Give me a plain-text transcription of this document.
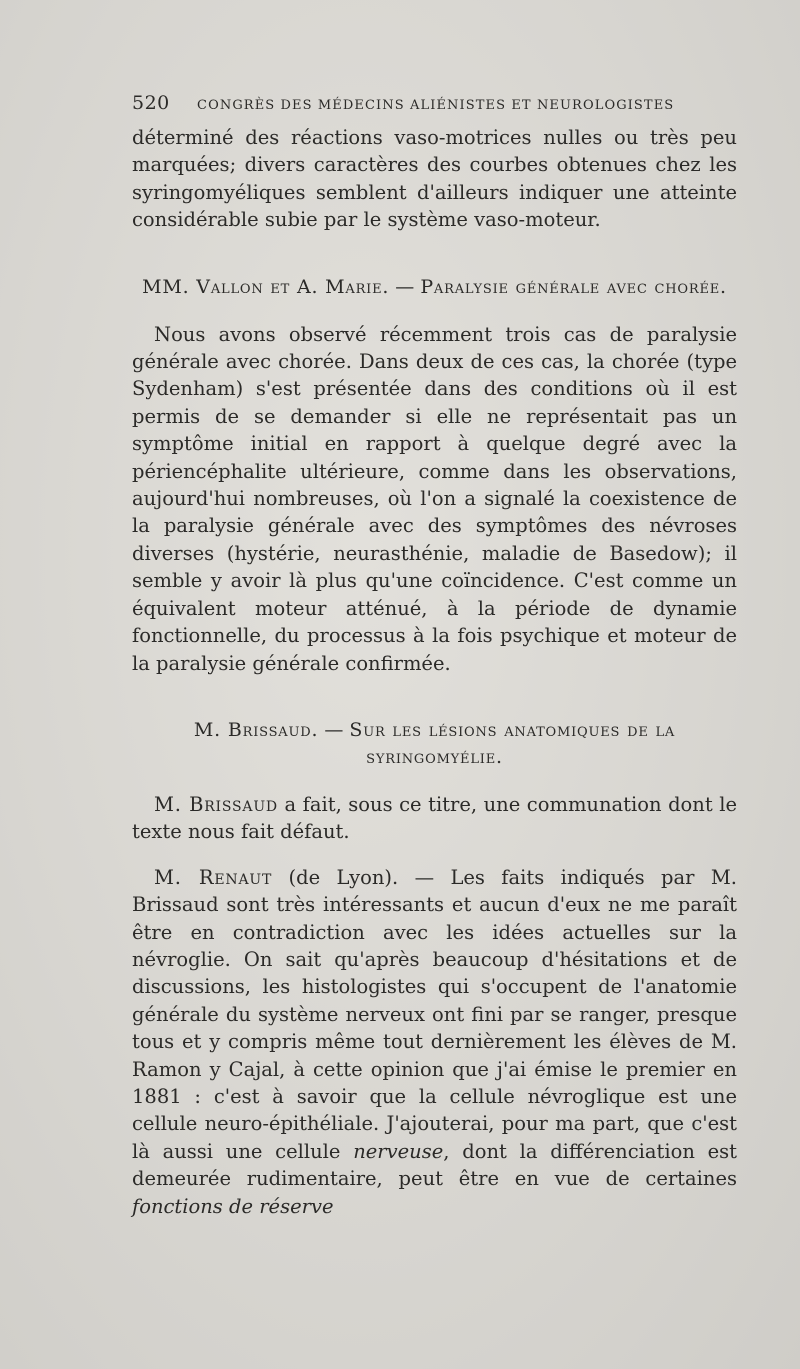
520 CONGRÈS DES MÉDECINS ALIÉNISTES ET NEUROLOGISTES

déterminé des réactions vaso-motrices nulles ou très peu marquées; divers caractères des courbes obtenues chez les syringomyéliques semblent d'ailleurs indiquer une atteinte considérable subie par le système vaso-moteur.

MM. Vallon et A. Marie. — Paralysie générale avec chorée.

Nous avons observé récemment trois cas de paralysie générale avec chorée. Dans deux de ces cas, la chorée (type Sydenham) s'est présentée dans des conditions où il est permis de se demander si elle ne représentait pas un symptôme initial en rapport à quelque degré avec la périencéphalite ultérieure, comme dans les observations, aujourd'hui nombreuses, où l'on a signalé la coexistence de la paralysie générale avec des symptômes des névroses diverses (hystérie, neurasthénie, maladie de Basedow); il semble y avoir là plus qu'une coïncidence. C'est comme un équivalent moteur atténué, à la période de dynamie fonctionnelle, du processus à la fois psychique et moteur de la paralysie générale confirmée.

M. Brissaud. — Sur les lésions anatomiques de la syringomyélie.

M. Brissaud a fait, sous ce titre, une communation dont le texte nous fait défaut.

M. Renaut (de Lyon). — Les faits indiqués par M. Brissaud sont très intéressants et aucun d'eux ne me paraît être en contradiction avec les idées actuelles sur la névroglie. On sait qu'après beaucoup d'hésitations et de discussions, les histologistes qui s'occupent de l'anatomie générale du système nerveux ont fini par se ranger, presque tous et y compris même tout dernièrement les élèves de M. Ramon y Cajal, à cette opinion que j'ai émise le premier en 1881 : c'est à savoir que la cellule névroglique est une cellule neuro-épithéliale. J'ajouterai, pour ma part, que c'est là aussi une cellule nerveuse, dont la différenciation est demeurée rudimentaire, peut être en vue de certaines fonctions de réserve
